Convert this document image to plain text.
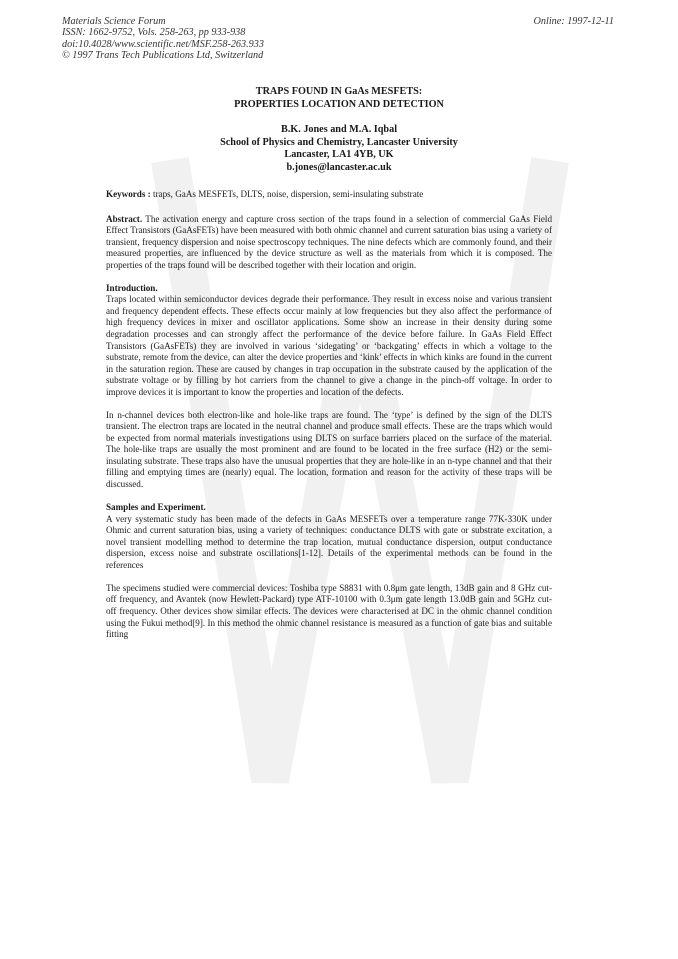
Materials Science Forum
ISSN: 1662-9752, Vols. 258-263, pp 933-938
doi:10.4028/www.scientific.net/MSF.258-263.933
© 1997 Trans Tech Publications Ltd, Switzerland
Online: 1997-12-11
TRAPS FOUND IN GaAs MESFETS:
PROPERTIES LOCATION AND DETECTION
B.K. Jones and M.A. Iqbal
School of Physics and Chemistry, Lancaster University
Lancaster, LA1 4YB, UK
b.jones@lancaster.ac.uk
Keywords : traps, GaAs MESFETs, DLTS, noise, dispersion, semi-insulating substrate
Abstract. The activation energy and capture cross section of the traps found in a selection of commercial GaAs Field Effect Transistors (GaAsFETs) have been measured with both ohmic channel and current saturation bias using a variety of transient, frequency dispersion and noise spectroscopy techniques. The nine defects which are commonly found, and their measured properties, are influenced by the device structure as well as the materials from which it is composed. The properties of the traps found will be described together with their location and origin.
Introduction.
Traps located within semiconductor devices degrade their performance. They result in excess noise and various transient and frequency dependent effects. These effects occur mainly at low frequencies but they also affect the performance of high frequency devices in mixer and oscillator applications. Some show an increase in their density during some degradation processes and can strongly affect the performance of the device before failure. In GaAs Field Effect Transistors (GaAsFETs) they are involved in various ‘sidegating’ or ‘backgating’ effects in which a voltage to the substrate, remote from the device, can alter the device properties and ‘kink’ effects in which kinks are found in the current in the saturation region. These are caused by changes in trap occupation in the substrate caused by the application of the substrate voltage or by filling by hot carriers from the channel to give a change in the pinch-off voltage. In order to improve devices it is important to know the properties and location of the defects.
In n-channel devices both electron-like and hole-like traps are found. The ‘type’ is defined by the sign of the DLTS transient. The electron traps are located in the neutral channel and produce small effects. These are the traps which would be expected from normal materials investigations using DLTS on surface barriers placed on the surface of the material. The hole-like traps are usually the most prominent and are found to be located in the free surface (H2) or the semi-insulating substrate. These traps also have the unusual properties that they are hole-like in an n-type channel and that their filling and emptying times are (nearly) equal. The location, formation and reason for the activity of these traps will be discussed.
Samples and Experiment.
A very systematic study has been made of the defects in GaAs MESFETs over a temperature range 77K-330K under Ohmic and current saturation bias, using a variety of techniques: conductance DLTS with gate or substrate excitation, a novel transient modelling method to determine the trap location, mutual conductance dispersion, output conductance dispersion, excess noise and substrate oscillations[1-12]. Details of the experimental methods can be found in the references
The specimens studied were commercial devices: Toshiba type S8831 with 0.8μm gate length, 13dB gain and 8 GHz cut-off frequency, and Avantek (now Hewlett-Packard) type ATF-10100 with 0.3μm gate length 13.0dB gain and 5GHz cut-off frequency. Other devices show similar effects. The devices were characterised at DC in the ohmic channel condition using the Fukui method[9]. In this method the ohmic channel resistance is measured as a function of gate bias and suitable fitting
